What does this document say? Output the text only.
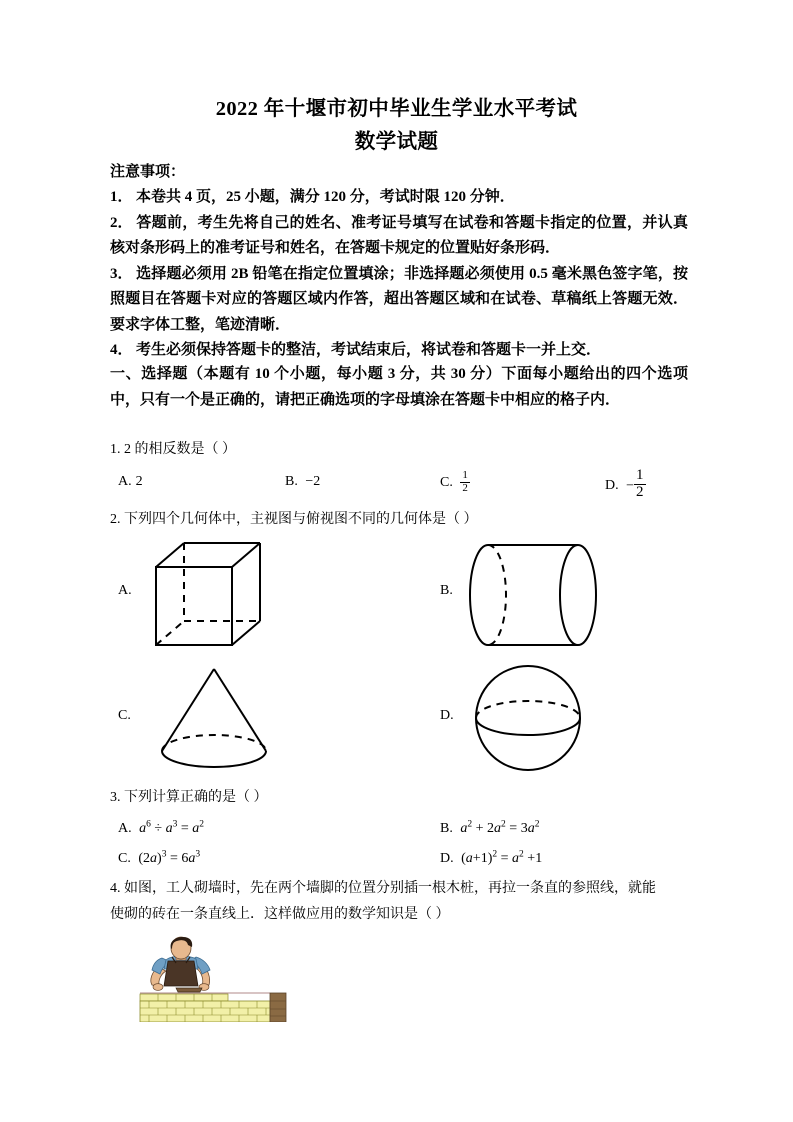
2022 年十堰市初中毕业生学业水平考试
数学试题
注意事项：
1． 本卷共 4 页，25 小题，满分 120 分，考试时限 120 分钟．
2． 答题前，考生先将自己的姓名、准考证号填写在试卷和答题卡指定的位置，并认真核对条形码上的准考证号和姓名，在答题卡规定的位置贴好条形码．
3． 选择题必须用 2B 铅笔在指定位置填涂；非选择题必须使用 0.5 毫米黑色签字笔，按照题目在答题卡对应的答题区域内作答，超出答题区域和在试卷、草稿纸上答题无效．要求字体工整，笔迹清晰．
4． 考生必须保持答题卡的整洁，考试结束后，将试卷和答题卡一并上交．
一、选择题（本题有 10 个小题，每小题 3 分，共 30 分）下面每小题给出的四个选项中，只有一个是正确的，请把正确选项的字母填涂在答题卡中相应的格子内．
1. 2 的相反数是（ ）
A. 2	B. −2	C. $\frac{1}{2}$	D. − $\frac{1}{2}$
2. 下列四个几何体中，主视图与俯视图不同的几何体是（ ）
A.	B.
C.	D.
3. 下列计算正确的是（ ）
A. $a^6 \div a^3 = a^2$	B. $a^2 + 2a^2 = 3a^2$
C. $(2a)^3 = 6a^3$	D. $(a+1)^2 = a^2 +1$
4. 如图，工人砌墙时，先在两个墙脚的位置分别插一根木桩，再拉一条直的参照线，就能
使砌的砖在一条直线上．这样做应用的数学知识是（ ）
